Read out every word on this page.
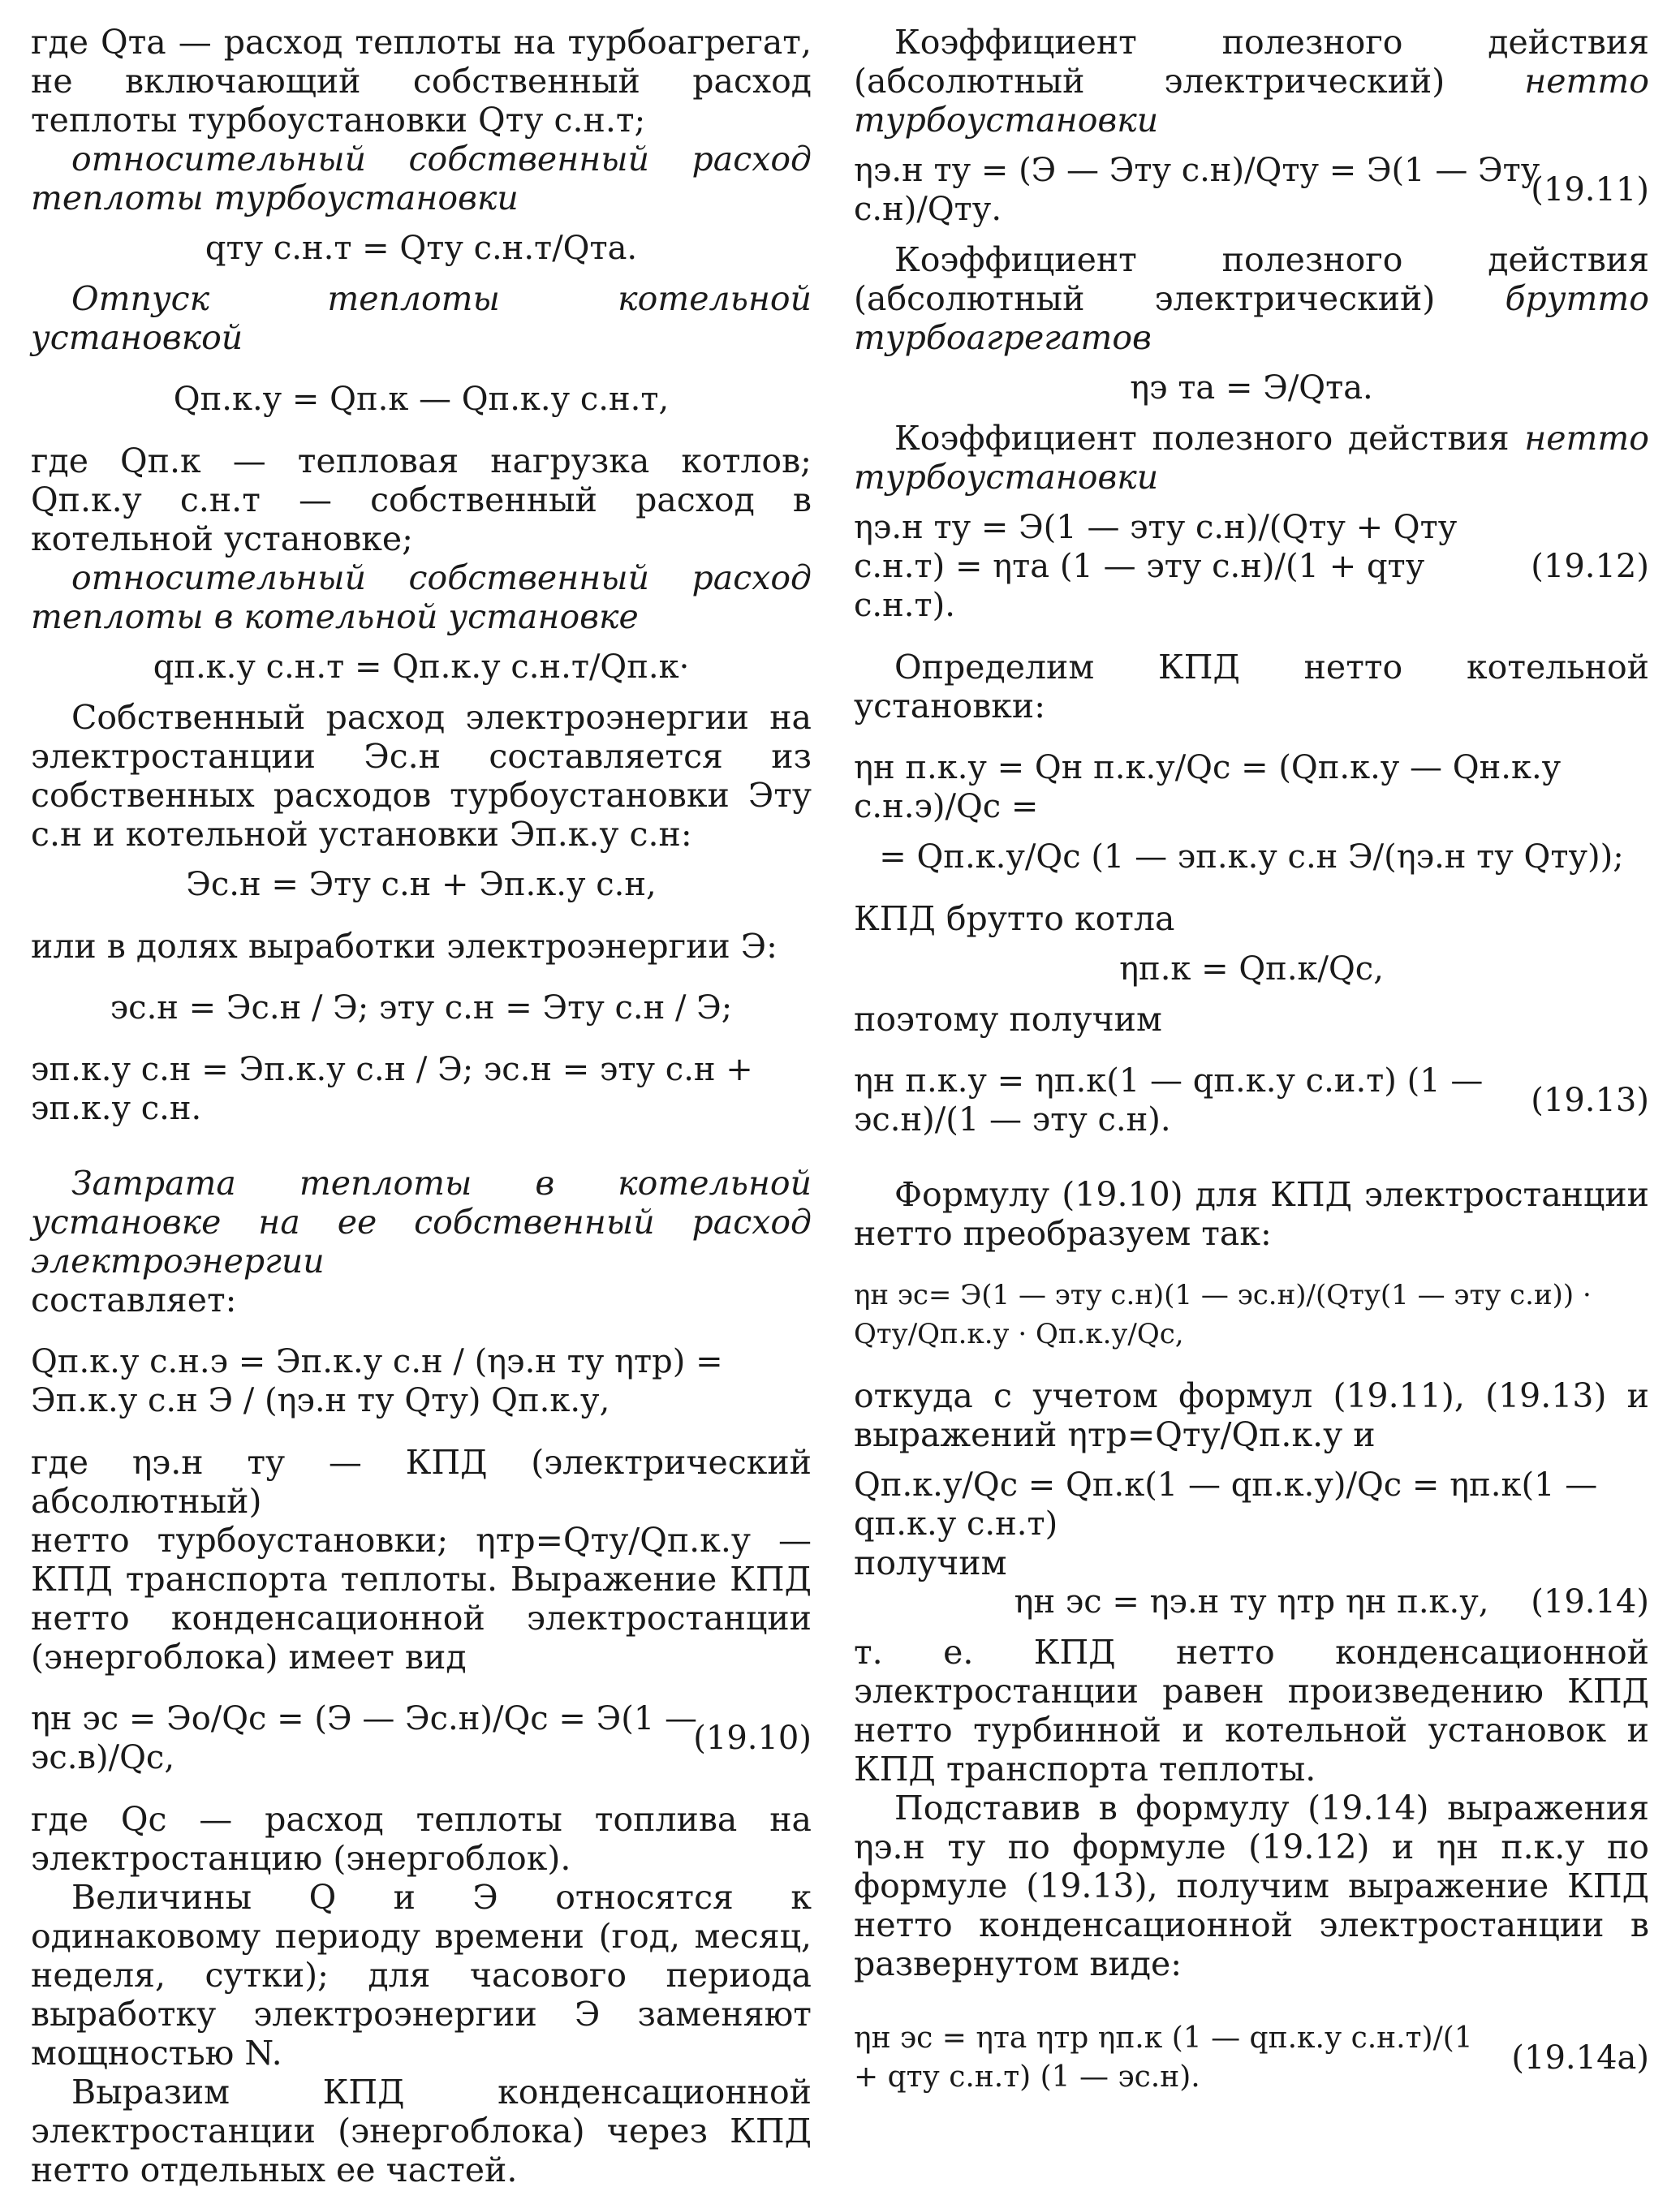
где Qта — расход теплоты на турбоагрегат, не включающий собственный расход теплоты турбоустановки Qту с.н.т;

относительный собственный расход теплоты турбоустановки

qту с.н.т = Qту с.н.т/Qта.

Отпуск теплоты котельной установкой

Qп.к.у = Qп.к — Qп.к.у с.н.т,

где Qп.к — тепловая нагрузка котлов; Qп.к.у с.н.т — собственный расход в котельной установке;

относительный собственный расход теплоты в котельной установке

qп.к.у с.н.т = Qп.к.у с.н.т/Qп.к·

Собственный расход электроэнергии на электростанции Эс.н составляется из собственных расходов турбоустановки Эту с.н и котельной установки Эп.к.у с.н:

Эс.н = Эту с.н + Эп.к.у с.н,

или в долях выработки электроэнергии Э:

эс.н = Эс.н / Э; эту с.н = Эту с.н / Э;
эп.к.у с.н = Эп.к.у с.н / Э; эс.н = эту с.н + эп.к.у с.н.

Затрата теплоты в котельной установке на ее собственный расход электроэнергии

составляет:

Qп.к.у с.н.э = Эп.к.у с.н / (ηэ.н ту ηтр) = Эп.к.у с.н Э / (ηэ.н ту Qту) Qп.к.у,

где ηэ.н ту — КПД (электрический абсолютный)

нетто турбоустановки; ηтр=Qту/Qп.к.у — КПД транспорта теплоты. Выражение КПД нетто конденсационной электростанции (энергоблока) имеет вид

ηн эс = Эо/Qс = (Э — Эс.н)/Qс = Э(1 — эс.в)/Qс,
(19.10)

где Qс — расход теплоты топлива на электростанцию (энергоблок).

Величины Q и Э относятся к одинаковому периоду времени (год, месяц, неделя, сутки); для часового периода выработку электроэнергии Э заменяют мощностью N.

Выразим КПД конденсационной электростанции (энергоблока) через КПД нетто отдельных ее частей.

Коэффициент полезного действия (абсолютный электрический) нетто турбоустановки

ηэ.н ту = (Э — Эту с.н)/Qту = Э(1 — Эту с.н)/Qту.
(19.11)

Коэффициент полезного действия (абсолютный электрический) брутто турбоагрегатов

ηэ та = Э/Qта.

Коэффициент полезного действия нетто турбоустановки

ηэ.н ту = Э(1 — эту с.н)/(Qту + Qту с.н.т) = ηта (1 — эту с.н)/(1 + qту с.н.т).
(19.12)

Определим КПД нетто котельной установки:

ηн п.к.у = Qн п.к.у/Qс = (Qп.к.у — Qн.к.у с.н.э)/Qс =
= Qп.к.у/Qс (1 — эп.к.у с.н Э/(ηэ.н ту Qту));

КПД брутто котла

ηп.к = Qп.к/Qс,

поэтому получим

ηн п.к.у = ηп.к(1 — qп.к.у с.и.т) (1 — эс.н)/(1 — эту с.н).
(19.13)

Формулу (19.10) для КПД электростанции нетто преобразуем так:

ηн эс= Э(1 — эту с.н)(1 — эс.н)/(Qту(1 — эту с.и)) · Qту/Qп.к.у · Qп.к.у/Qс,

откуда с учетом формул (19.11), (19.13) и выражений ηтр=Qту/Qп.к.у и

Qп.к.у/Qс = Qп.к(1 — qп.к.у)/Qс = ηп.к(1 — qп.к.у с.н.т)

получим

ηн эс = ηэ.н ту ηтр ηн п.к.у, (19.14)

т. е. КПД нетто конденсационной электростанции равен произведению КПД нетто турбинной и котельной установок и КПД транспорта теплоты.

Подставив в формулу (19.14) выражения ηэ.н ту по формуле (19.12) и ηн п.к.у по формуле (19.13), получим выражение КПД нетто конденсационной электростанции в развернутом виде:

ηн эс = ηта ηтр ηп.к (1 — qп.к.у с.н.т)/(1 + qту с.н.т) (1 — эс.н).
(19.14а)
